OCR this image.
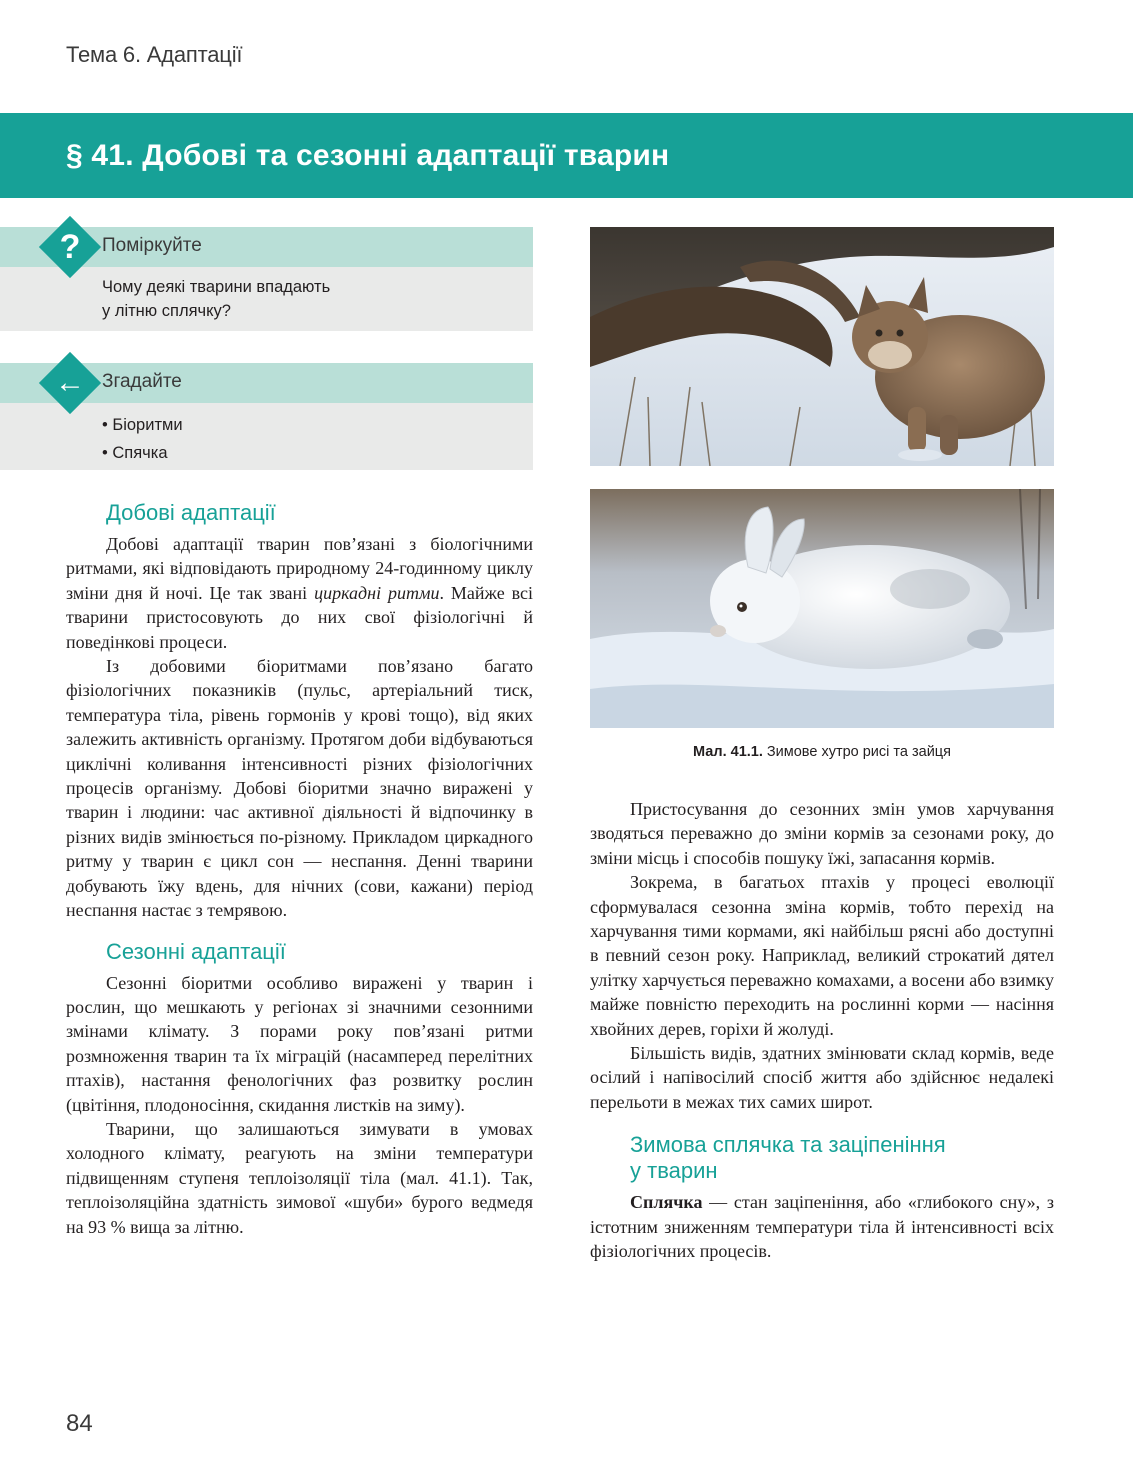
Тема 6. Адаптації
§ 41. Добові та сезонні адаптації тварин
?	Поміркуйте
Чому деякі тварини впадають
у літню сплячку?
← Згадайте
• Біоритми
• Спячка
Добові адаптації

Добові адаптації тварин пов’язані з біологічними ритмами, які відповідають природному 24-годинному циклу зміни дня й ночі. Це так звані циркадні ритми. Майже всі тварини пристосовують до них свої фізіологічні й поведінкові процеси.

Із добовими біоритмами пов’язано багато фізіологічних показників (пульс, артеріальний тиск, температура тіла, рівень гормонів у крові тощо), від яких залежить активність організму. Протягом доби відбуваються циклічні коливання інтенсивності різних фізіологічних процесів організму. Добові біоритми значно виражені у тварин і людини: час активної діяльності й відпочинку в різних видів змінюється по-різному. Прикладом циркадного ритму у тварин є цикл сон — неспання. Денні тварини добувають їжу вдень, для нічних (сови, кажани) період неспання настає з темрявою.

Сезонні адаптації

Сезонні біоритми особливо виражені у тварин і рослин, що мешкають у регіонах зі значними сезонними змінами клімату. З порами року пов’язані ритми розмноження тварин та їх міграцій (насамперед перелітних птахів), настання фенологічних фаз розвитку рослин (цвітіння, плодоносіння, скидання листків на зиму).

Тварини, що залишаються зимувати в умовах холодного клімату, реагують на зміни температури підвищенням ступеня теплоізоляції тіла (мал. 41.1). Так, теплоізоляційна здатність зимової «шуби» бурого ведмедя на 93 % вища за літню.

Мал. 41.1. Зимове хутро рисі та зайця

Пристосування до сезонних змін умов харчування зводяться переважно до зміни кормів за сезонами року, до зміни місць і способів пошуку їжі, запасання кормів.

Зокрема, в багатьох птахів у процесі еволюції сформувалася сезонна зміна кормів, тобто перехід на харчування тими кормами, які найбільш рясні або доступні в певний сезон року. Наприклад, великий строкатий дятел улітку харчується переважно комахами, а восени або взимку майже повністю переходить на рослинні корми — насіння хвойних дерев, горіхи й жолуді.

Більшість видів, здатних змінювати склад кормів, веде осілий і напівосілий спосіб життя або здійснює недалекі перельоти в межах тих самих широт.

Зимова сплячка та заціпеніння
у тварин

Сплячка — стан заціпеніння, або «глибокого сну», з істотним зниженням температури тіла й інтенсивності всіх фізіологічних процесів.

84
